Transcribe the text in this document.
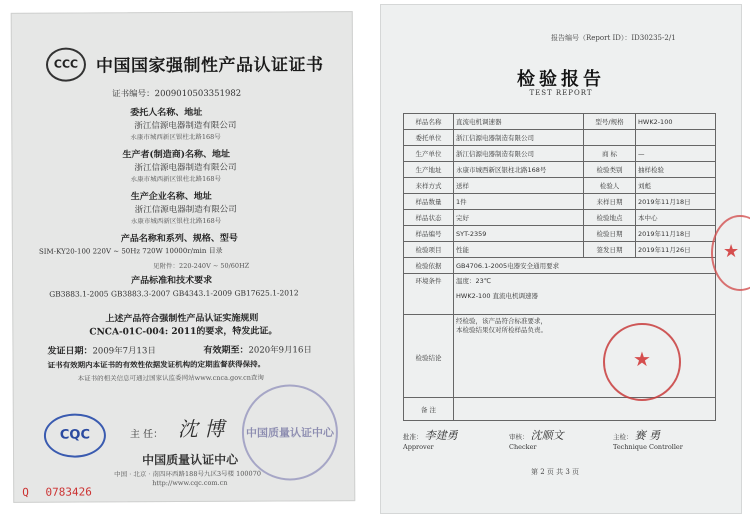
CCC	中国国家强制性产品认证证书
证书编号：2009010503351982
委托人名称、地址
浙江信源电器制造有限公司
永康市城西新区银柱北路168号
生产者(制造商)名称、地址
浙江信源电器制造有限公司
永康市城西新区银柱北路168号
生产企业名称、地址
浙江信源电器制造有限公司
永康市城西新区银柱北路168号
产品名称和系列、规格、型号
SIM-KY20-100 220V ~ 50Hz 720W 10000r/min 目录
见附件：220-240V ~ 50/60HZ
产品标准和技术要求
GB3883.1-2005 GB3883.3-2007 GB4343.1-2009 GB17625.1-2012
上述产品符合强制性产品认证实施规则
CNCA-01C-004: 2011的要求，特发此证。
发证日期：2009年7月13日	有效期至：2020年9月16日
证书有效期内本证书的有效性依据发证机构的定期监督获得保持。
本证书的相关信息可通过国家认监委网站www.cnca.gov.cn查询
CQC	主 任： 沈 博 中国质量认证中心
中国质量认证中心
中国 · 北京 · 南四环西路188号九区3号楼 100070
http://www.cqc.com.cn
Q 0783426
报告编号（Report ID）：ID30235-2/1
检验报告
TEST REPORT
样品名称	直流电机调速器	型号/规格	HWK2-100
委托单位	浙江信源电器制造有限公司		
生产单位	浙江信源电器制造有限公司	商 标	—
生产地址	永康市城西新区银柱北路168号	检验类别	抽样检验
来样方式	送样	检验人	刘彪
样品数量	1件	来样日期	2019年11月18日
样品状态	完好	检验地点	本中心
样品编号	SYT-2359	检验日期	2019年11月18日
检验项目	性能	签发日期	2019年11月26日
检验依据	GB4706.1-2005电器安全通用要求		
环境条件	温度：23℃
HWK2-100 直流电机调速器		

检验结论	经检验，该产品符合标准要求，
本检验结果仅对所检样品负责。		

备 注			
★
★
批准： 李建勇
Approver
审核： 沈顺文
Checker
主检： 赛 勇
Technique Controller
第 2 页 共 3 页
